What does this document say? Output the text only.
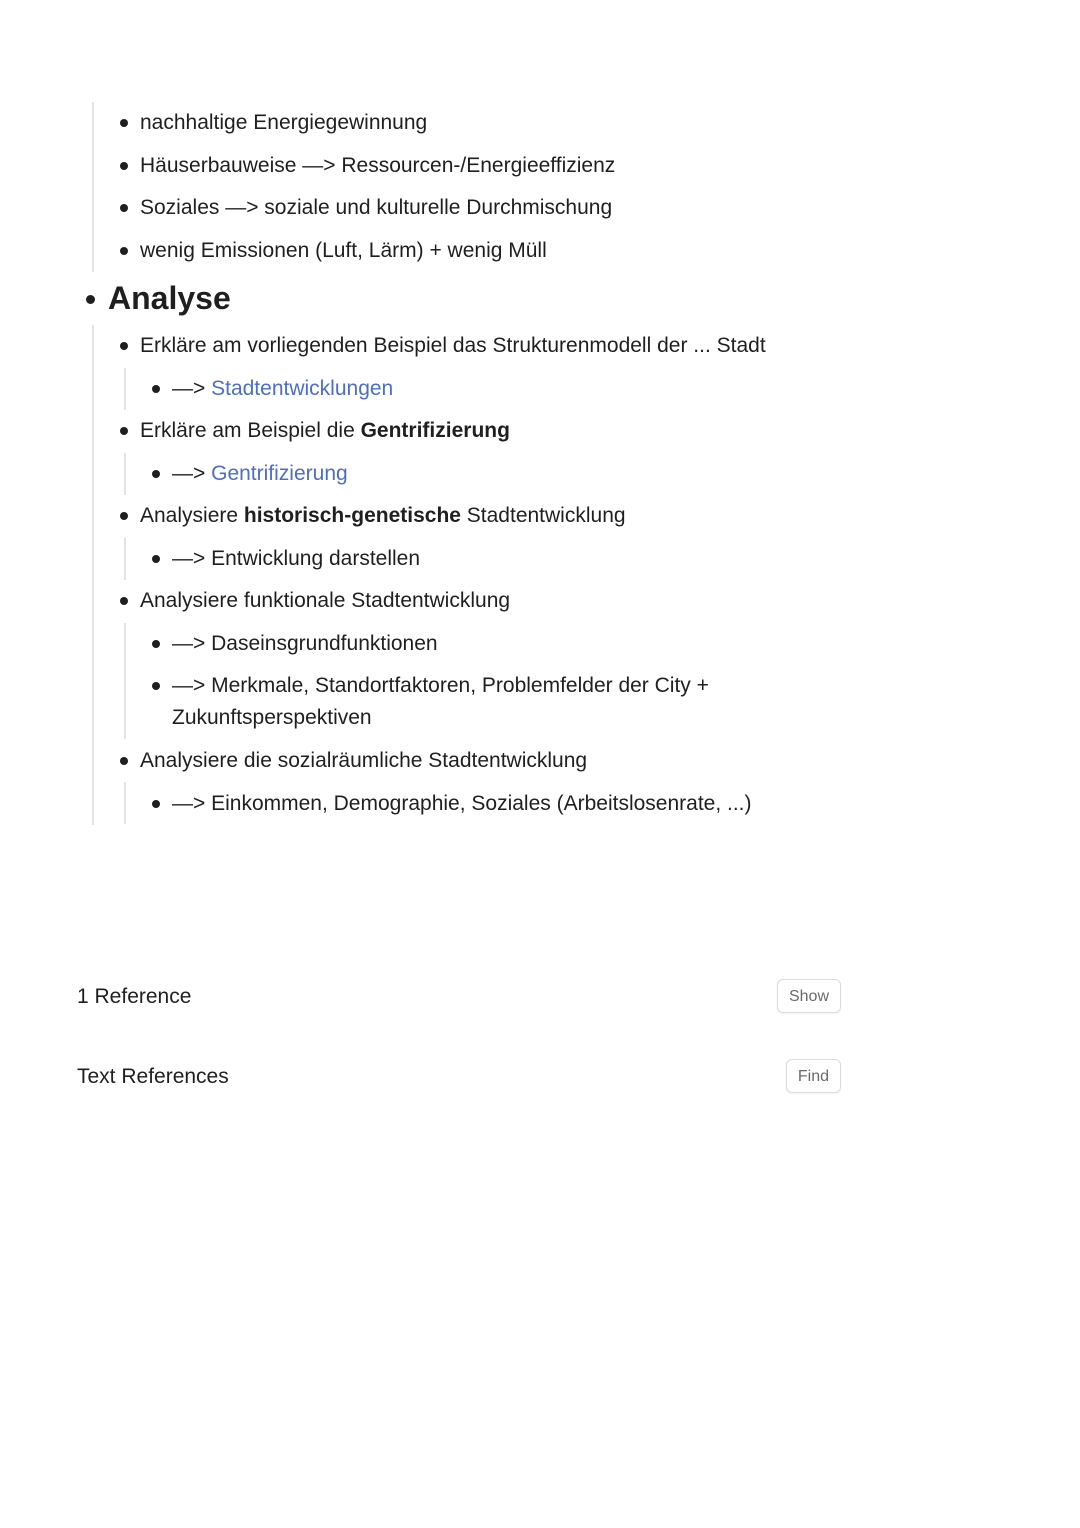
nachhaltige Energiegewinnung
Häuserbauweise —> Ressourcen-/Energieeffizienz
Soziales —> soziale und kulturelle Durchmischung
wenig Emissionen (Luft, Lärm) + wenig Müll
Analyse
Erkläre am vorliegenden Beispiel das Strukturenmodell der ... Stadt
—> Stadtentwicklungen
Erkläre am Beispiel die Gentrifizierung
—> Gentrifizierung
Analysiere historisch-genetische Stadtentwicklung
—> Entwicklung darstellen
Analysiere funktionale Stadtentwicklung
—> Daseinsgrundfunktionen
—> Merkmale, Standortfaktoren, Problemfelder der City +
Zukunftsperspektiven
Analysiere die sozialräumliche Stadtentwicklung
—> Einkommen, Demographie, Soziales (Arbeitslosenrate, ...)
1 Reference	Show
Text References	Find
